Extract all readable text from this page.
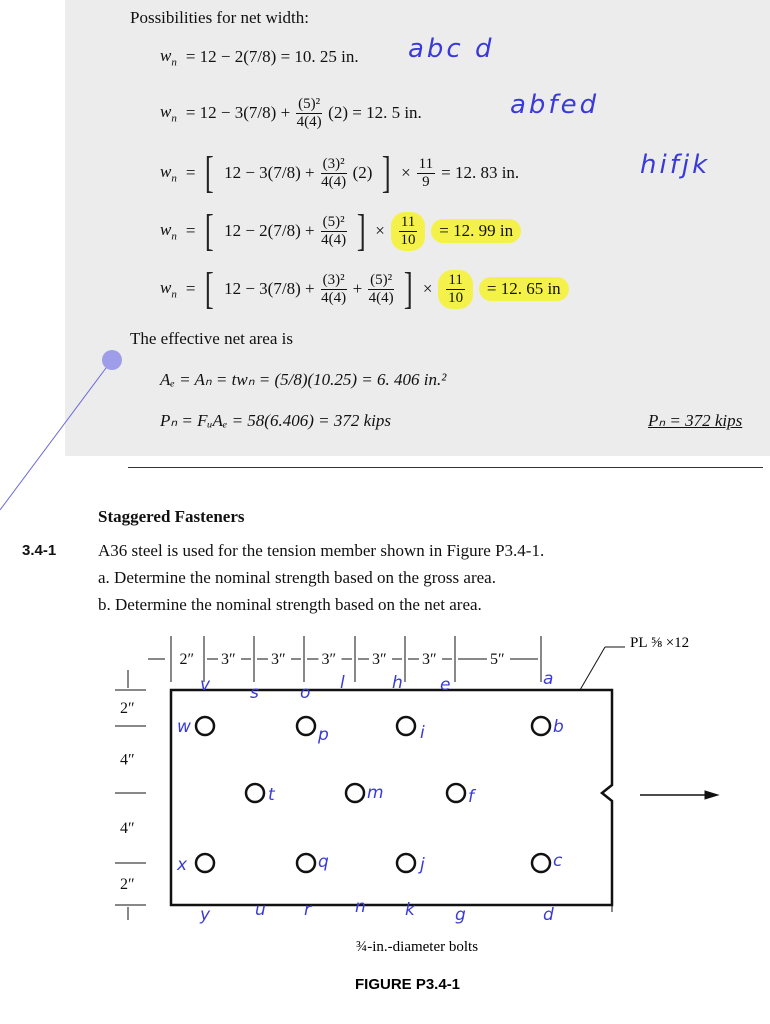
Possibilities for net width:
$w_n = 12 - 2(7/8) = 10$. 25 in.
$w_n = 12 - 3(7/8) + \frac{\text{(5)²}}{4(4)} (2) = 12$. 5 in.
$w_n$ = [ $12 - 3(7/8) + \frac{\text{(3)²}}{4(4)} (2)$ ] × $\frac{11}{9} = 12$. 83 in.
$w_n$ = [ $12 - 2(7/8) + \frac{\text{(5)²}}{4(4)}$ ] × $\frac{11}{10} = 12$. 99 in
$w_n$ = [ $12 - 3(7/8) + \frac{\text{(3)²}}{4(4)} + \frac{\text{(5)²}}{4(4)}$ ] × $\frac{11}{10} = 12$. 65 in
The effective net area is
Aₑ = Aₙ = twₙ = (5/8)(10.25) = 6. 406 in.²
Pₙ = FᵤAₑ = 58(6.406) = 372 kips	Pₙ = 372 kips
Staggered Fasteners
3.4-1 A36 steel is used for the tension member shown in Figure P3.4-1.
a. Determine the nominal strength based on the gross area.
b. Determine the nominal strength based on the net area.
2″ 3″ 3″ 3″ 3″ 3″	5″
2″
4″
4″
2″
PL ⅝ ×12
¾-in.-diameter bolts
FIGURE P3.4-1
v s o l	h e	a
w	p	i	b
t	m	f
x	q	j	c
y	u r	n k g	d
abc d
abfed
hifjk
